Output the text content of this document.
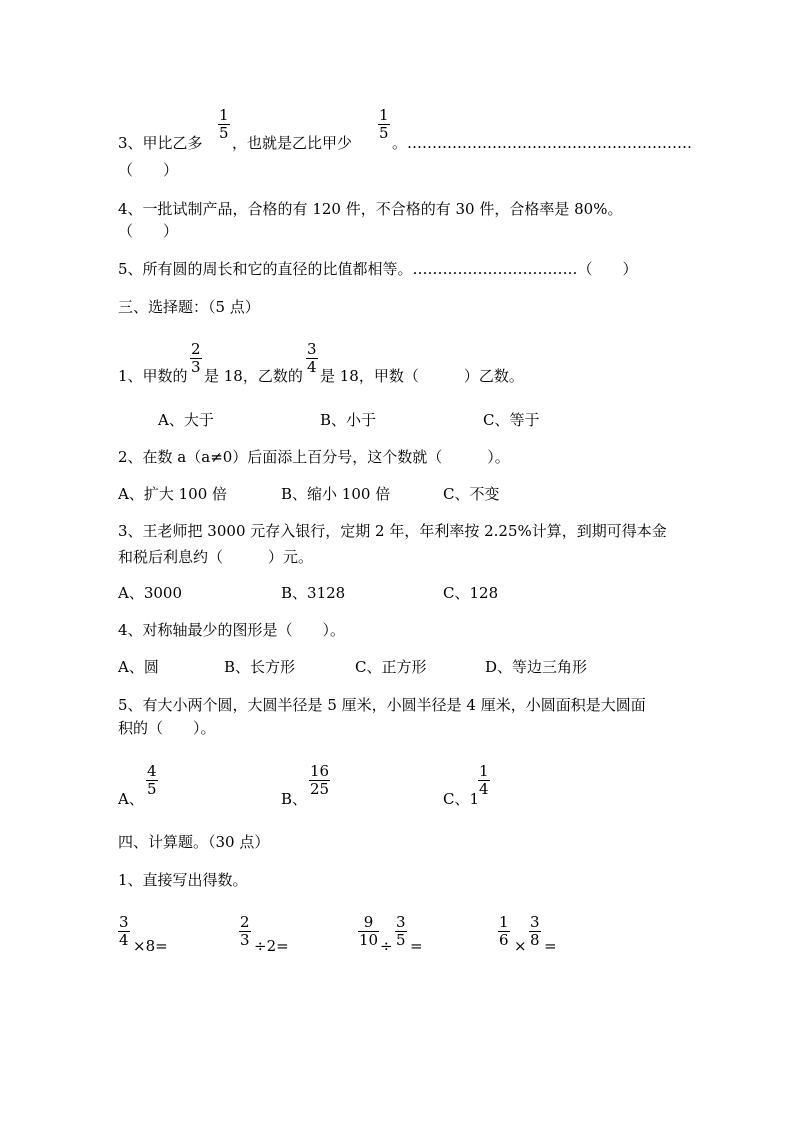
3、甲比乙多
$\frac{1}{5}$
，也就是乙比甲少
$\frac{1}{5}$
。…………………………………………………
（　　）
4、一批试制产品，合格的有 120 件，不合格的有 30 件，合格率是 80%。
（　　）
5、所有圆的周长和它的直径的比值都相等。……………………………（　　）
三、选择题：（5 点）
1、甲数的 $\frac{2}{3}$ 是 18，乙数的 $\frac{3}{4}$ 是 18，甲数（　　　）乙数。
A、大于	B、小于	C、等于
2、在数 a（a≠0）后面添上百分号，这个数就（　　　）。
A、扩大 100 倍	B、缩小 100 倍	C、不变
3、王老师把 3000 元存入银行，定期 2 年，年利率按 2.25%计算，到期可得本金
和税后利息约（　　　）元。
A、3000	B、3128	C、128
4、对称轴最少的图形是（　　）。
A、圆	B、长方形	C、正方形	D、等边三角形
5、有大小两个圆，大圆半径是 5 厘米，小圆半径是 4 厘米，小圆面积是大圆面
积的（　　）。
A、
$\frac{4}{5}$
B、
$\frac{16}{25}$
C、1
$\frac{1}{4}$
四、计算题。（30 点）
1、直接写出得数。
$\frac{3}{4} \times 8=$	$\frac{2}{3} \div 2=$	$\frac{9}{10} \div \frac{3}{5}$ =	$\frac{1}{6} \times \frac{3}{8}$ =
